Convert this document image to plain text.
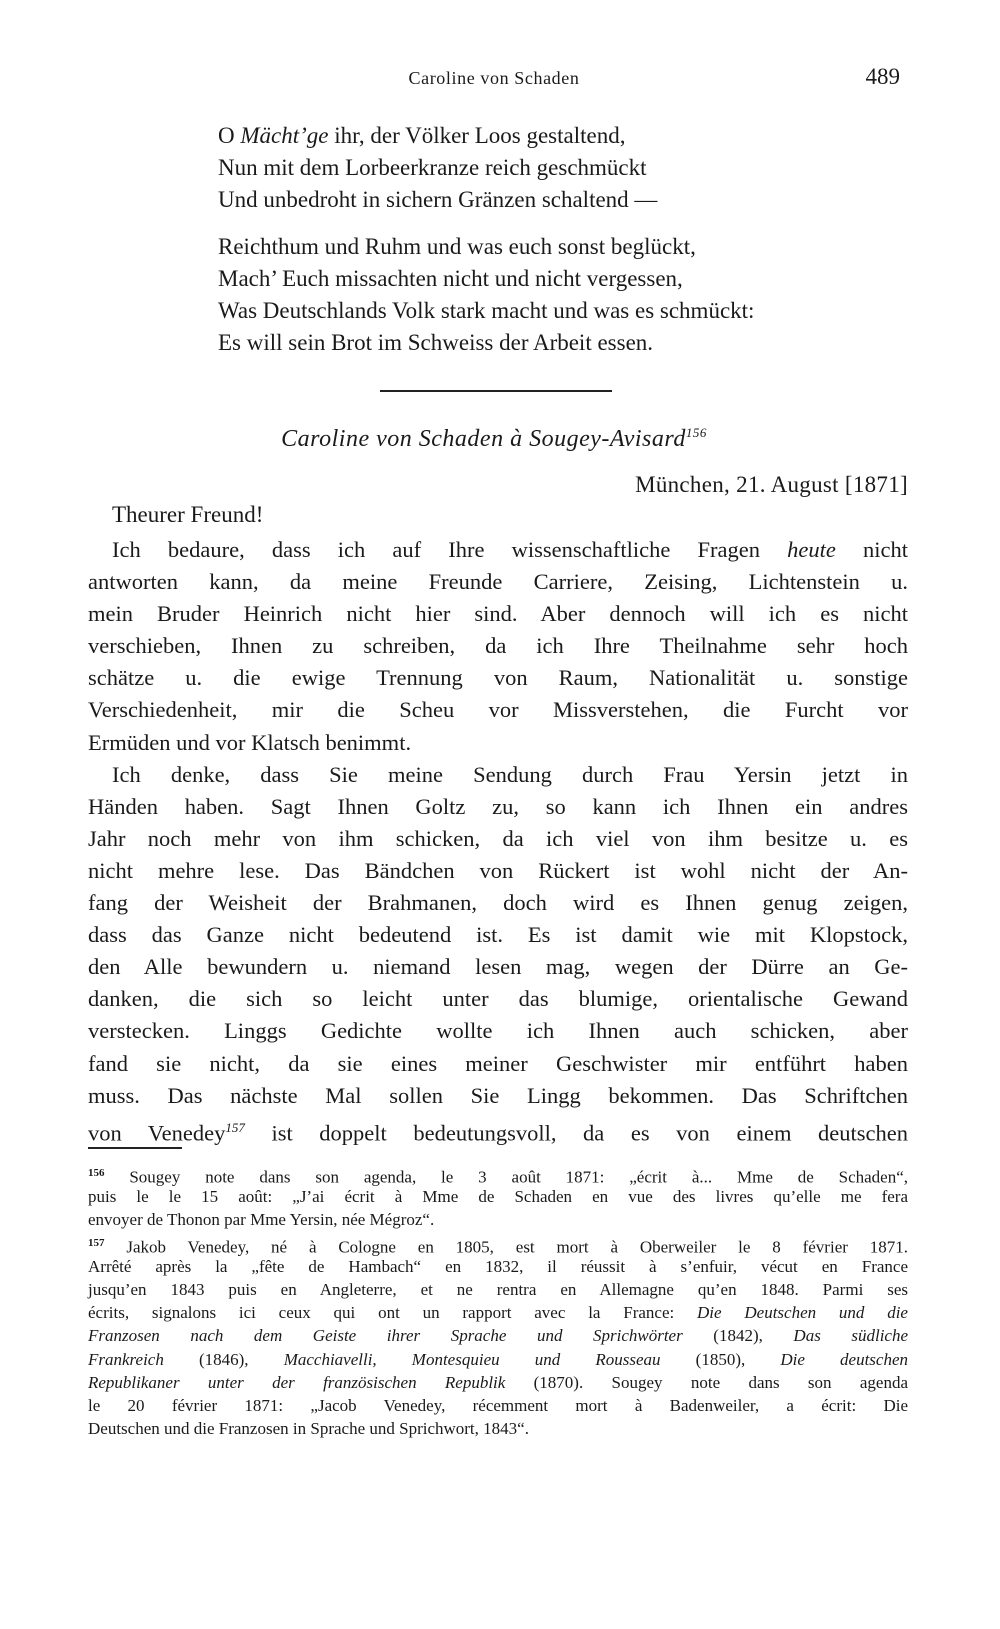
Caroline von Schaden	489
O Mächt’ge ihr, der Völker Loos gestaltend,
Nun mit dem Lorbeerkranze reich geschmückt
Und unbedroht in sichern Gränzen schaltend —
Reichthum und Ruhm und was euch sonst beglückt,
Mach’ Euch missachten nicht und nicht vergessen,
Was Deutschlands Volk stark macht und was es schmückt:
Es will sein Brot im Schweiss der Arbeit essen.
Caroline von Schaden à Sougey-Avisard$^{156}$
München, 21. August [1871]
Theurer Freund!
Ich bedaure, dass ich auf Ihre wissenschaftliche Fragen heute nicht
antworten kann, da meine Freunde Carriere, Zeising, Lichtenstein u.
mein Bruder Heinrich nicht hier sind. Aber dennoch will ich es nicht
verschieben, Ihnen zu schreiben, da ich Ihre Theilnahme sehr hoch
schätze u. die ewige Trennung von Raum, Nationalität u. sonstige
Verschiedenheit, mir die Scheu vor Missverstehen, die Furcht vor
Ermüden und vor Klatsch benimmt.
Ich denke, dass Sie meine Sendung durch Frau Yersin jetzt in
Händen haben. Sagt Ihnen Goltz zu, so kann ich Ihnen ein andres
Jahr noch mehr von ihm schicken, da ich viel von ihm besitze u. es
nicht mehre lese. Das Bändchen von Rückert ist wohl nicht der An-
fang der Weisheit der Brahmanen, doch wird es Ihnen genug zeigen,
dass das Ganze nicht bedeutend ist. Es ist damit wie mit Klopstock,
den Alle bewundern u. niemand lesen mag, wegen der Dürre an Ge-
danken, die sich so leicht unter das blumige, orientalische Gewand
verstecken. Linggs Gedichte wollte ich Ihnen auch schicken, aber
fand sie nicht, da sie eines meiner Geschwister mir entführt haben
muss. Das nächste Mal sollen Sie Lingg bekommen. Das Schriftchen
von Venedey$^{157}$ ist doppelt bedeutungsvoll, da es von einem deutschen
$^{156}$ Sougey note dans son agenda, le 3 août 1871: „écrit à... Mme de Schaden“,
puis le le 15 août: „J’ai écrit à Mme de Schaden en vue des livres qu’elle me fera
envoyer de Thonon par Mme Yersin, née Mégroz“.
$^{157}$ Jakob Venedey, né à Cologne en 1805, est mort à Oberweiler le 8 février 1871.
Arrêté après la „fête de Hambach“ en 1832, il réussit à s’enfuir, vécut en France
jusqu’en 1843 puis en Angleterre, et ne rentra en Allemagne qu’en 1848. Parmi ses
écrits, signalons ici ceux qui ont un rapport avec la France: Die Deutschen und die
Franzosen nach dem Geiste ihrer Sprache und Sprichwörter (1842), Das südliche
Frankreich (1846), Macchiavelli, Montesquieu und Rousseau (1850), Die deutschen
Republikaner unter der französischen Republik (1870). Sougey note dans son agenda
le 20 février 1871: „Jacob Venedey, récemment mort à Badenweiler, a écrit: Die
Deutschen und die Franzosen in Sprache und Sprichwort, 1843“.
